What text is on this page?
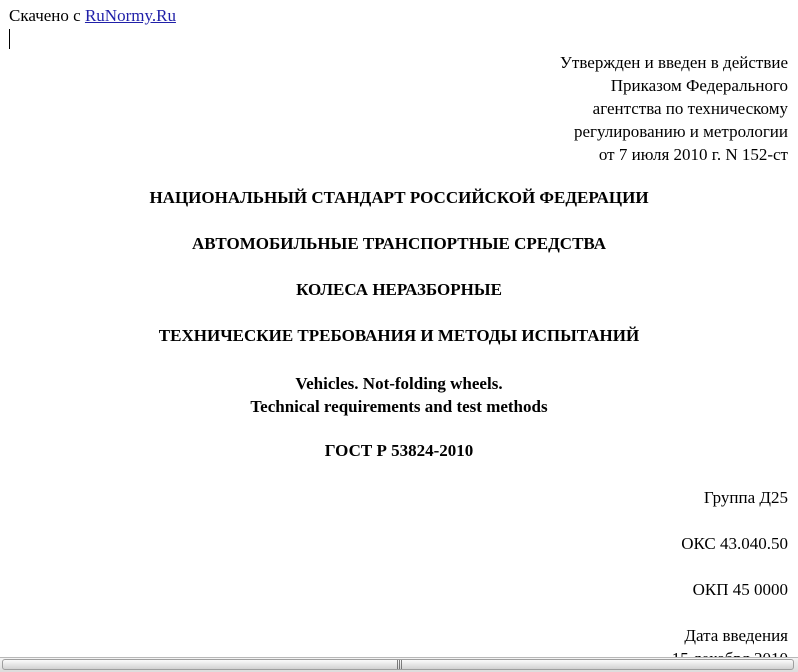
Скачено с RuNormy.Ru
Утвержден и введен в действие
Приказом Федерального
агентства по техническому
регулированию и метрологии
от 7 июля 2010 г. N 152-ст
НАЦИОНАЛЬНЫЙ СТАНДАРТ РОССИЙСКОЙ ФЕДЕРАЦИИ
АВТОМОБИЛЬНЫЕ ТРАНСПОРТНЫЕ СРЕДСТВА
КОЛЕСА НЕРАЗБОРНЫЕ
ТЕХНИЧЕСКИЕ ТРЕБОВАНИЯ И МЕТОДЫ ИСПЫТАНИЙ
Vehicles. Not-folding wheels.
Technical requirements and test methods
ГОСТ Р 53824-2010
Группа Д25
ОКС 43.040.50
ОКП 45 0000
Дата введения
|||
